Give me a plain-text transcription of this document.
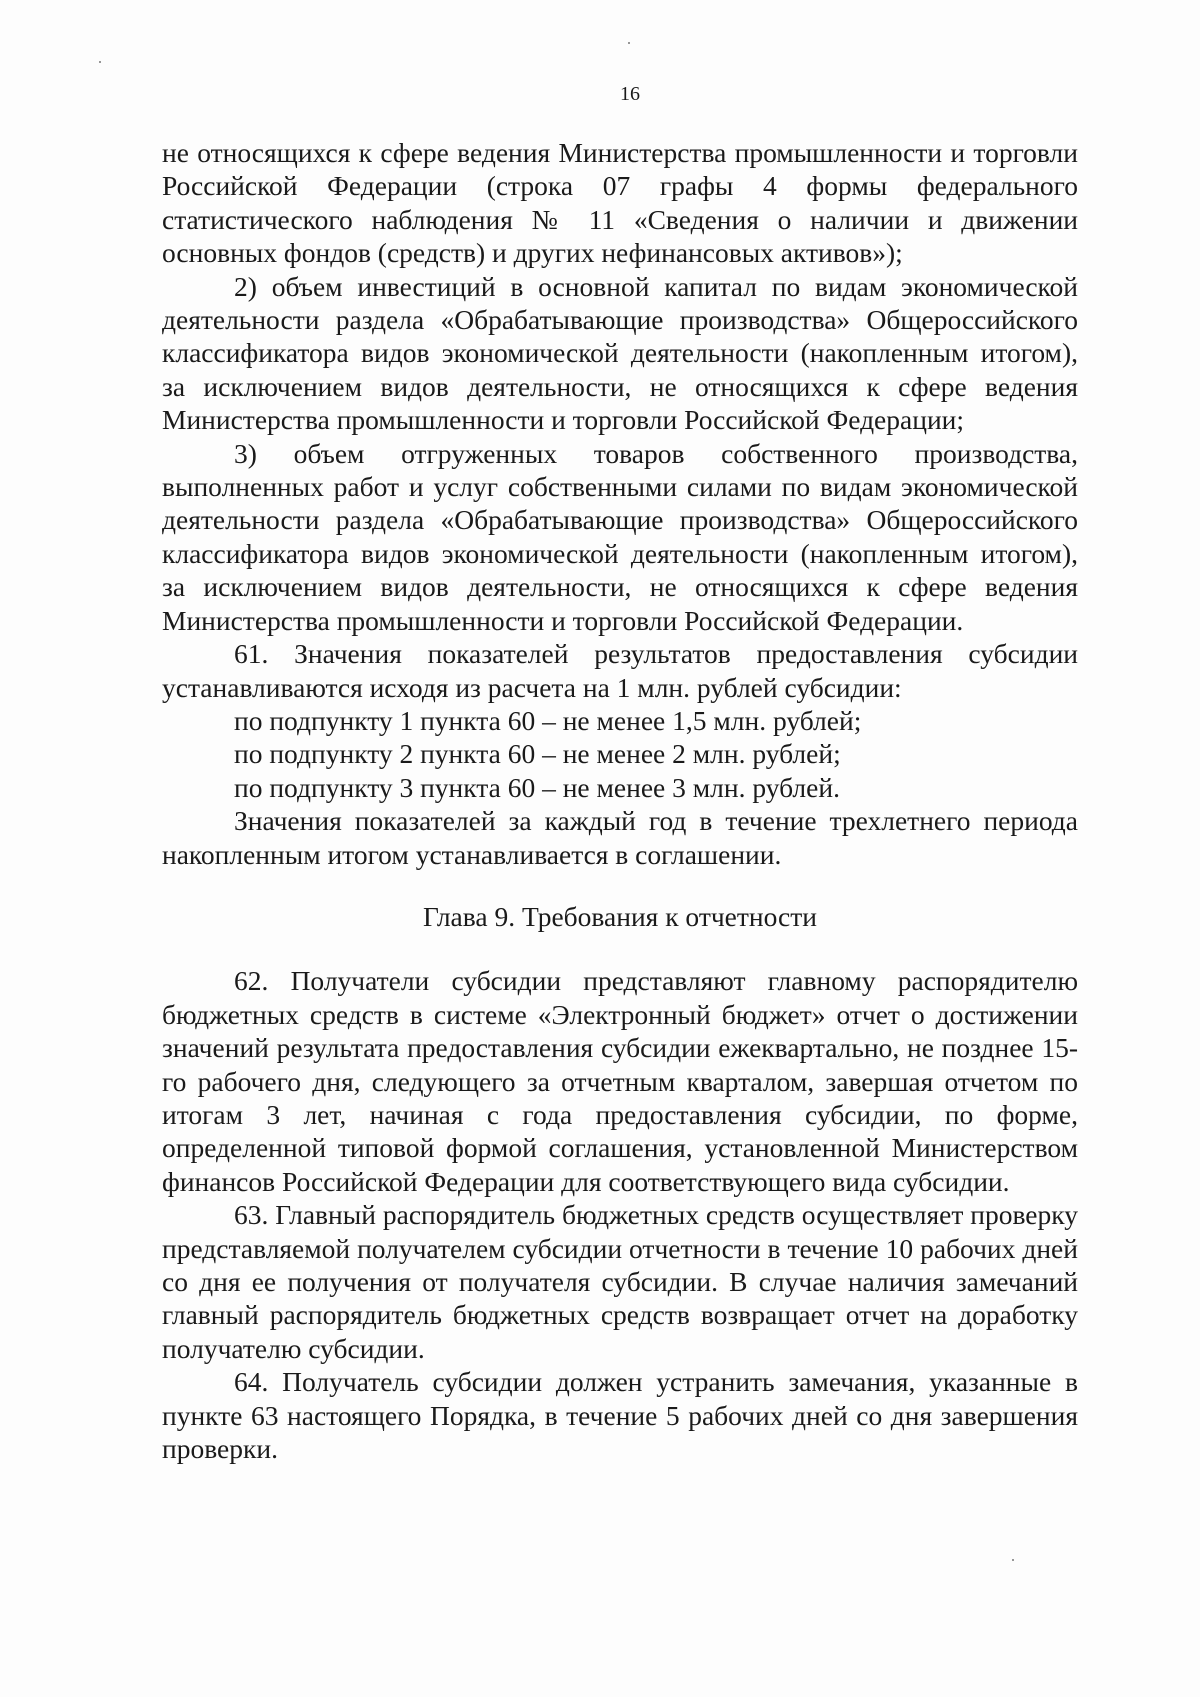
16

не относящихся к сфере ведения Министерства промышленности и торговли Российской Федерации (строка 07 графы 4 формы федерального статистического наблюдения № 11 «Сведения о наличии и движении основных фондов (средств) и других нефинансовых активов»);

2) объем инвестиций в основной капитал по видам экономической деятельности раздела «Обрабатывающие производства» Общероссийского классификатора видов экономической деятельности (накопленным итогом), за исключением видов деятельности, не относящихся к сфере ведения Министерства промышленности и торговли Российской Федерации;

3) объем отгруженных товаров собственного производства, выполненных работ и услуг собственными силами по видам экономической деятельности раздела «Обрабатывающие производства» Общероссийского классификатора видов экономической деятельности (накопленным итогом), за исключением видов деятельности, не относящихся к сфере ведения Министерства промышленности и торговли Российской Федерации.

61. Значения показателей результатов предоставления субсидии устанавливаются исходя из расчета на 1 млн. рублей субсидии:

по подпункту 1 пункта 60 – не менее 1,5 млн. рублей;

по подпункту 2 пункта 60 – не менее 2 млн. рублей;

по подпункту 3 пункта 60 – не менее 3 млн. рублей.

Значения показателей за каждый год в течение трехлетнего периода накопленным итогом устанавливается в соглашении.

Глава 9. Требования к отчетности

62. Получатели субсидии представляют главному распорядителю бюджетных средств в системе «Электронный бюджет» отчет о достижении значений результата предоставления субсидии ежеквартально, не позднее 15-го рабочего дня, следующего за отчетным кварталом, завершая отчетом по итогам 3 лет, начиная с года предоставления субсидии, по форме, определенной типовой формой соглашения, установленной Министерством финансов Российской Федерации для соответствующего вида субсидии.

63. Главный распорядитель бюджетных средств осуществляет проверку представляемой получателем субсидии отчетности в течение 10 рабочих дней со дня ее получения от получателя субсидии. В случае наличия замечаний главный распорядитель бюджетных средств возвращает отчет на доработку получателю субсидии.

64. Получатель субсидии должен устранить замечания, указанные в пункте 63 настоящего Порядка, в течение 5 рабочих дней со дня завершения проверки.
